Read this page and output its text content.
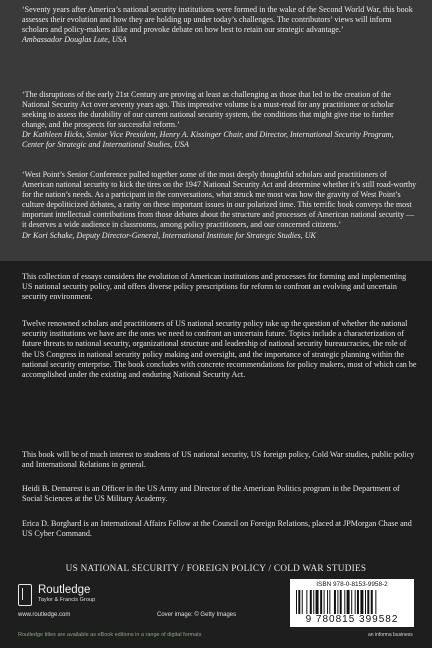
‘Seventy years after America’s national security institutions were formed in the wake of the Second World War, this book assesses their evolution and how they are holding up under today’s challenges. The contributors’ views will inform scholars and policy-makers alike and provoke debate on how best to retain our strategic advantage.’
Ambassador Douglas Lute, USA
‘The disruptions of the early 21st Century are proving at least as challenging as those that led to the creation of the National Security Act over seventy years ago. This impressive volume is a must-read for any practitioner or scholar seeking to assess the durability of our current national security system, the conditions that might give rise to further change, and the prospects for successful reform.’
Dr Kathleen Hicks, Senior Vice President, Henry A. Kissinger Chair, and Director, International Security Program, Center for Strategic and International Studies, USA
‘West Point’s Senior Conference pulled together some of the most deeply thoughtful scholars and practitioners of American national security to kick the tires on the 1947 National Security Act and determine whether it’s still road-worthy for the nation’s needs. As a participant in the conversations, what struck me most was how the gravity of West Point’s culture depoliticized debates, a rarity on these important issues in our polarized time. This terrific book conveys the most important intellectual contributions from those debates about the structure and processes of American national security — it deserves a wide audience in classrooms, among policy practitioners, and our concerned citizens.’
Dr Kori Schake, Deputy Director-General, International Institute for Strategic Studies, UK
This collection of essays considers the evolution of American institutions and processes for forming and implementing US national security policy, and offers diverse policy prescriptions for reform to confront an evolving and uncertain security environment.
Twelve renowned scholars and practitioners of US national security policy take up the question of whether the national security institutions we have are the ones we need to confront an uncertain future. Topics include a characterization of future threats to national security, organizational structure and leadership of national security bureaucracies, the role of the US Congress in national security policy making and oversight, and the importance of strategic planning within the national security enterprise. The book concludes with concrete recommendations for policy makers, most of which can be accomplished under the existing and enduring National Security Act.
This book will be of much interest to students of US national security, US foreign policy, Cold War studies, public policy and International Relations in general.
Heidi B. Demarest is an Officer in the US Army and Director of the American Politics program in the Department of Social Sciences at the US Military Academy.
Erica D. Borghard is an International Affairs Fellow at the Council on Foreign Relations, placed at JPMorgan Chase and US Cyber Command.
US NATIONAL SECURITY / FOREIGN POLICY / COLD WAR STUDIES
Routledge
Taylor & Francis Group
www.routledge.com	Cover image: © Getty Images
Routledge titles are available as eBook editions in a range of digital formats
ISBN 978-0-8153-9958-2
9 780815 399582
an informa business
